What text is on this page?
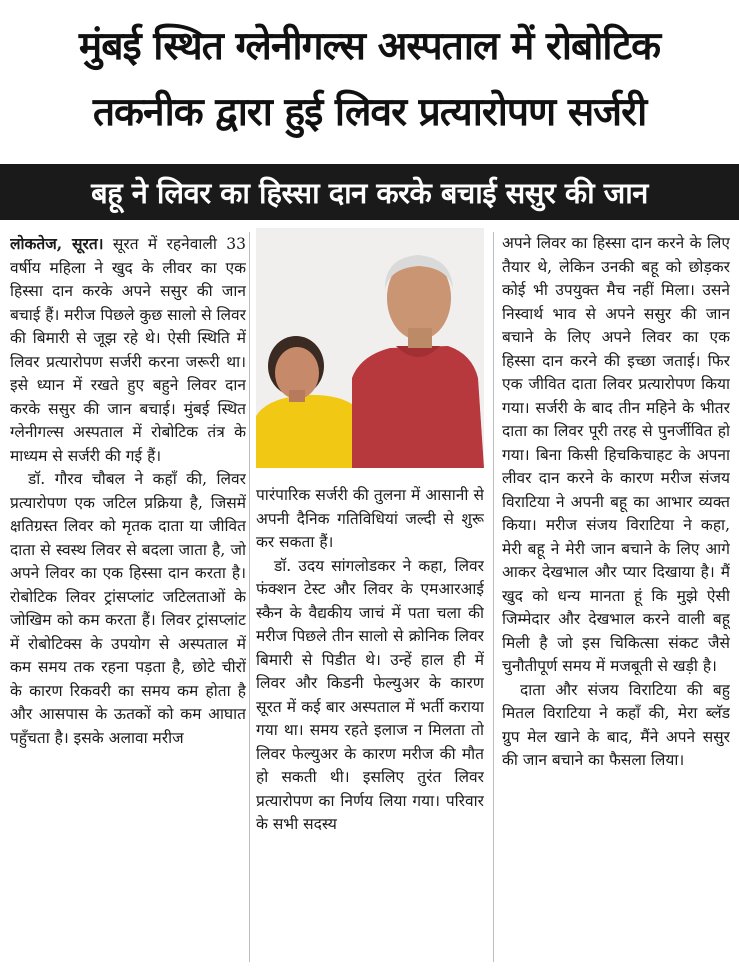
मुंबई स्थित ग्लेनीगल्स अस्पताल में रोबोटिक
तकनीक द्वारा हुई लिवर प्रत्यारोपण सर्जरी
बहू ने लिवर का हिस्सा दान करके बचाई ससुर की जान

लोकतेज, सूरत। सूरत में रहनेवाली 33 वर्षीय महिला ने खुद के लीवर का एक हिस्सा दान करके अपने ससुर की जान बचाई हैं। मरीज पिछले कुछ सालो से लिवर की बिमारी से जूझ रहे थे। ऐसी स्थिति में लिवर प्रत्यारोपण सर्जरी करना जरूरी था। इसे ध्यान में रखते हुए बहुने लिवर दान करके ससुर की जान बचाई। मुंबई स्थित ग्लेनीगल्स अस्पताल में रोबोटिक तंत्र के माध्यम से सर्जरी की गई हैं।

डॉ. गौरव चौबल ने कहाँ की, लिवर प्रत्यारोपण एक जटिल प्रक्रिया है, जिसमें क्षतिग्रस्त लिवर को मृतक दाता या जीवित दाता से स्वस्थ लिवर से बदला जाता है, जो अपने लिवर का एक हिस्सा दान करता है। रोबोटिक लिवर ट्रांसप्लांट जटिलताओं के जोखिम को कम करता हैं। लिवर ट्रांसप्लांट में रोबोटिक्स के उपयोग से अस्पताल में कम समय तक रहना पड़ता है, छोटे चीरों के कारण रिकवरी का समय कम होता है और आसपास के ऊतकों को कम आघात पहुँचता है। इसके अलावा मरीज

पारंपारिक सर्जरी की तुलना में आसानी से अपनी दैनिक गतिविधियां जल्दी से शुरू कर सकता हैं।

डॉ. उदय सांगलोडकर ने कहा, लिवर फंक्शन टेस्ट और लिवर के एमआरआई स्कैन के वैद्यकीय जाचं में पता चला की मरीज पिछले तीन सालो से क्रोनिक लिवर बिमारी से पिडीत थे। उन्हें हाल ही में लिवर और किडनी फेल्युअर के कारण सूरत में कई बार अस्पताल में भर्ती कराया गया था। समय रहते इलाज न मिलता तो लिवर फेल्युअर के कारण मरीज की मौत हो सकती थी। इसलिए तुरंत लिवर प्रत्यारोपण का निर्णय लिया गया। परिवार के सभी सदस्य

अपने लिवर का हिस्सा दान करने के लिए तैयार थे, लेकिन उनकी बहू को छोड़कर कोई भी उपयुक्त मैच नहीं मिला। उसने निस्वार्थ भाव से अपने ससुर की जान बचाने के लिए अपने लिवर का एक हिस्सा दान करने की इच्छा जताई। फिर एक जीवित दाता लिवर प्रत्यारोपण किया गया। सर्जरी के बाद तीन महिने के भीतर दाता का लिवर पूरी तरह से पुनर्जीवित हो गया। बिना किसी हिचकिचाहट के अपना लीवर दान करने के कारण मरीज संजय विराटिया ने अपनी बहू का आभार व्यक्त किया। मरीज संजय विराटिया ने कहा, मेरी बहू ने मेरी जान बचाने के लिए आगे आकर देखभाल और प्यार दिखाया है। मैं खुद को धन्य मानता हूं कि मुझे ऐसी जिम्मेदार और देखभाल करने वाली बहू मिली है जो इस चिकित्सा संकट जैसे चुनौतीपूर्ण समय में मजबूती से खड़ी है।

दाता और संजय विराटिया की बहु मितल विराटिया ने कहाँ की, मेरा ब्लॅड ग्रुप मेल खाने के बाद, मैंने अपने ससुर की जान बचाने का फैसला लिया।
